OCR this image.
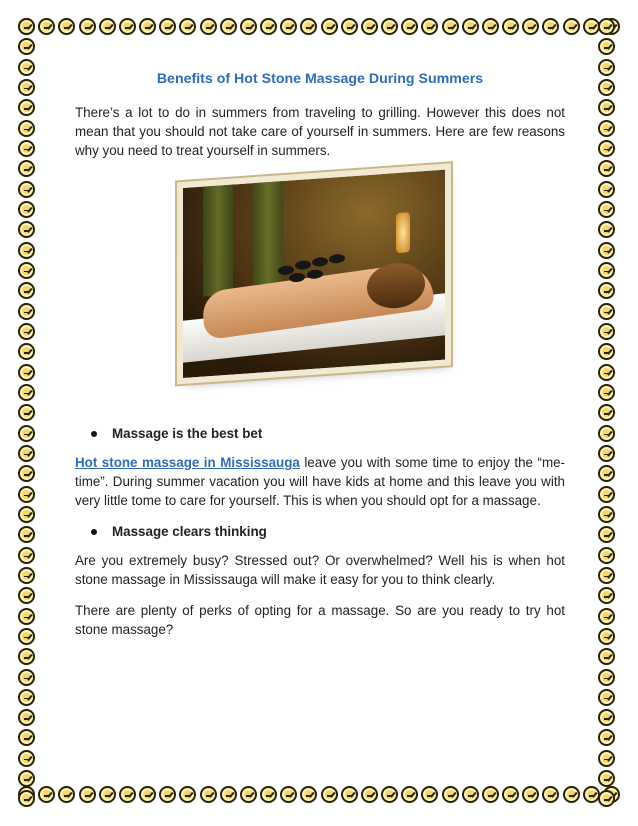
Benefits of Hot Stone Massage During Summers

There’s a lot to do in summers from traveling to grilling. However this does not mean that you should not take care of yourself in summers. Here are few reasons why you need to treat yourself in summers.

Massage is the best bet

Hot stone massage in Mississauga leave you with some time to enjoy the “me-time”. During summer vacation you will have kids at home and this leave you with very little tome to care for yourself. This is when you should opt for a massage.

Massage clears thinking

Are you extremely busy? Stressed out? Or overwhelmed? Well his is when hot stone massage in Mississauga will make it easy for you to think clearly.

There are plenty of perks of opting for a massage. So are you ready to try hot stone massage?
